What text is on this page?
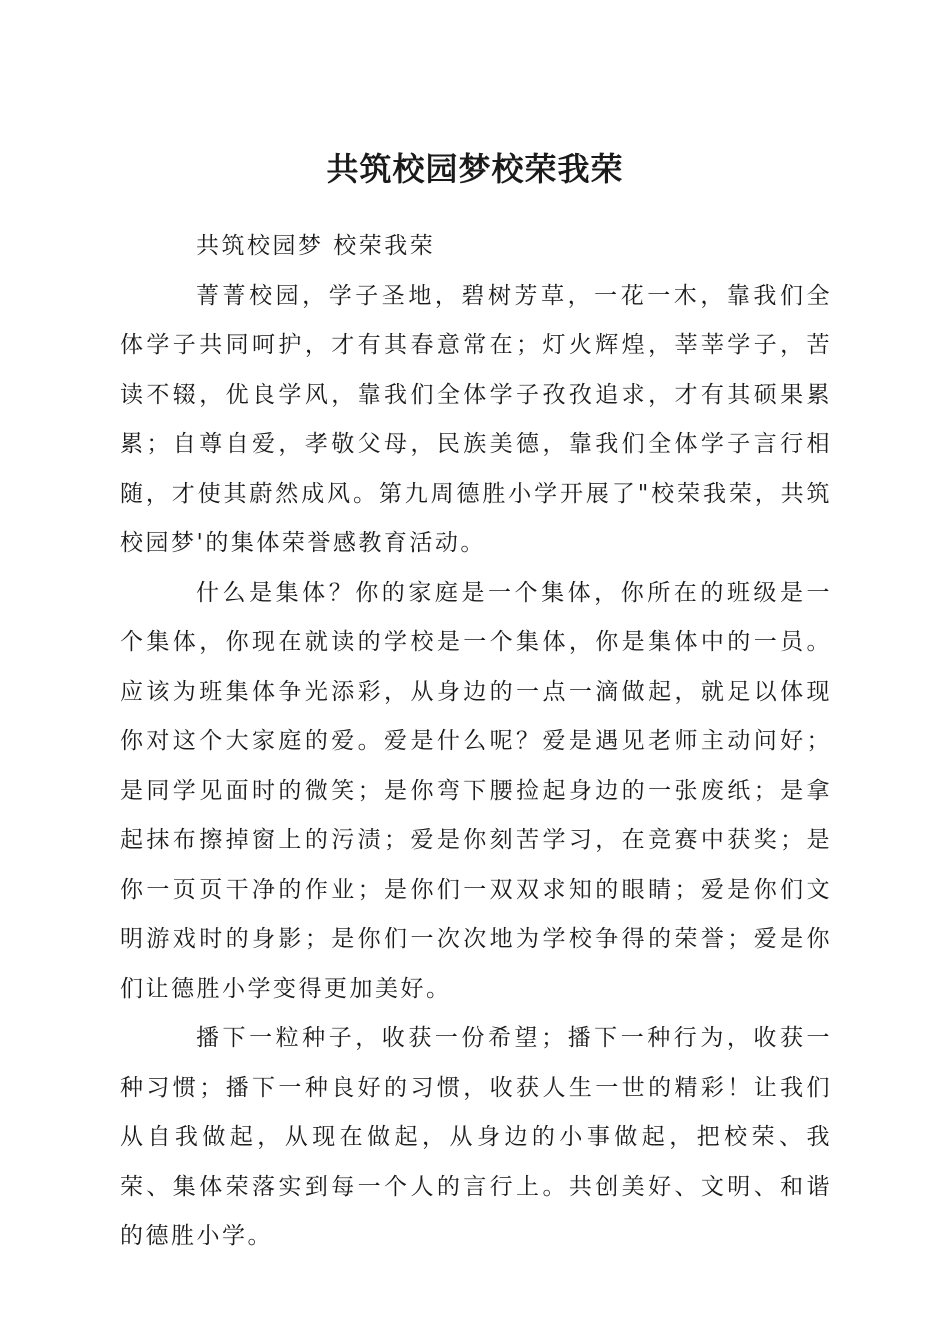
共筑校园梦校荣我荣

共筑校园梦 校荣我荣

菁菁校园，学子圣地，碧树芳草，一花一木，靠我们全体学子共同呵护，才有其春意常在；灯火辉煌，莘莘学子，苦读不辍，优良学风，靠我们全体学子孜孜追求，才有其硕果累累；自尊自爱，孝敬父母，民族美德，靠我们全体学子言行相随，才使其蔚然成风。第九周德胜小学开展了"校荣我荣，共筑校园梦'的集体荣誉感教育活动。

什么是集体？你的家庭是一个集体，你所在的班级是一个集体，你现在就读的学校是一个集体，你是集体中的一员。应该为班集体争光添彩，从身边的一点一滴做起，就足以体现你对这个大家庭的爱。爱是什么呢？爱是遇见老师主动问好；是同学见面时的微笑；是你弯下腰捡起身边的一张废纸；是拿起抹布擦掉窗上的污渍；爱是你刻苦学习，在竞赛中获奖；是你一页页干净的作业；是你们一双双求知的眼睛；爱是你们文明游戏时的身影；是你们一次次地为学校争得的荣誉；爱是你们让德胜小学变得更加美好。

播下一粒种子，收获一份希望；播下一种行为，收获一种习惯；播下一种良好的习惯，收获人生一世的精彩！让我们从自我做起，从现在做起，从身边的小事做起，把校荣、我荣、集体荣落实到每一个人的言行上。共创美好、文明、和谐的德胜小学。
